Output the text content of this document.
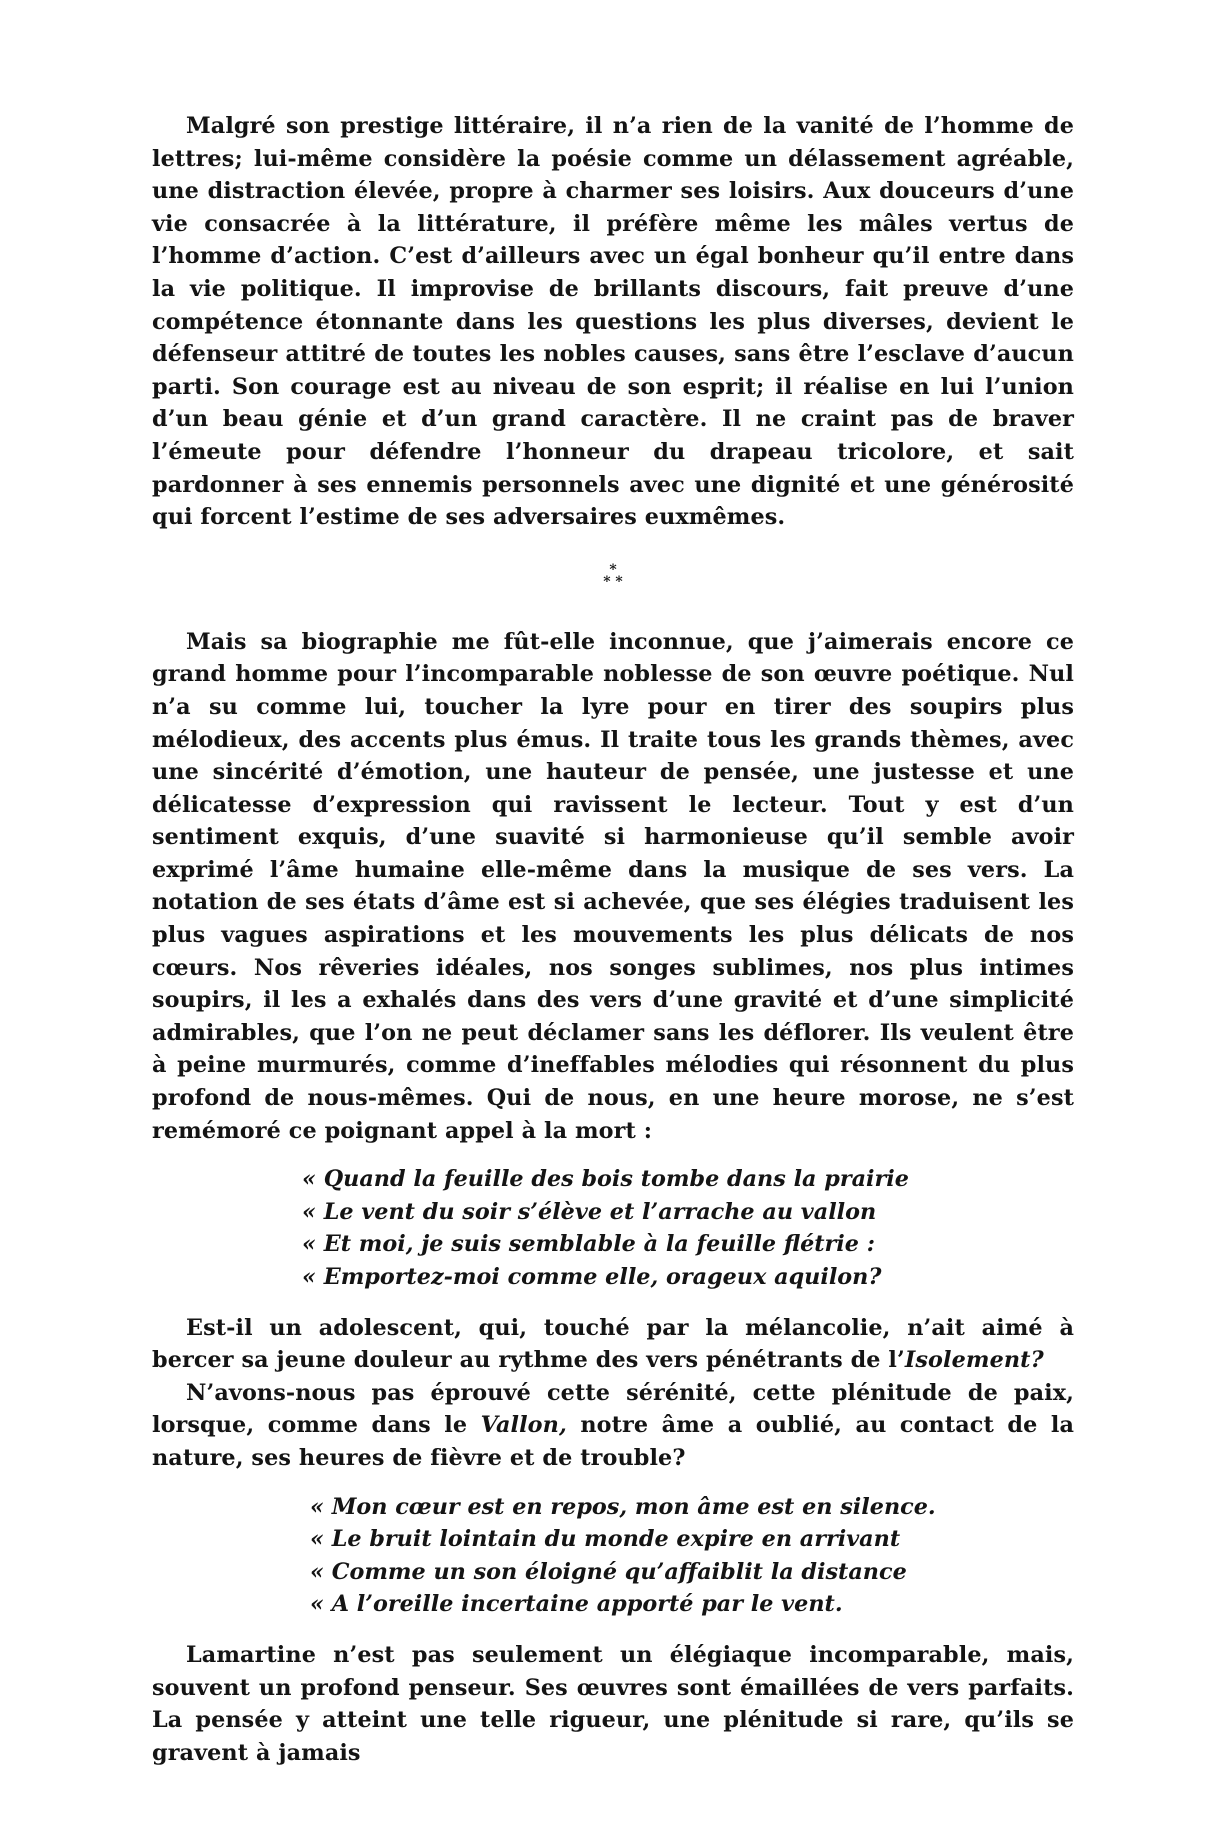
Malgré son prestige littéraire, il n’a rien de la vanité de l’homme de lettres; lui-même considère la poésie comme un délassement agréable, une distraction élevée, propre à charmer ses loisirs. Aux douceurs d’une vie consacrée à la littérature, il préfère même les mâles vertus de l’homme d’action. C’est d’ailleurs avec un égal bonheur qu’il entre dans la vie politique. Il improvise de brillants discours, fait preuve d’une compétence étonnante dans les questions les plus diverses, devient le défenseur attitré de toutes les nobles causes, sans être l’esclave d’aucun parti. Son courage est au niveau de son esprit; il réalise en lui l’union d’un beau génie et d’un grand caractère. Il ne craint pas de braver l’émeute pour défendre l’honneur du drapeau tricolore, et sait pardonner à ses ennemis personnels avec une dignité et une générosité qui forcent l’estime de ses adversaires euxmêmes.

*
* *

Mais sa biographie me fût-elle inconnue, que j’aimerais encore ce grand homme pour l’incomparable noblesse de son œuvre poétique. Nul n’a su comme lui, toucher la lyre pour en tirer des soupirs plus mélodieux, des accents plus émus. Il traite tous les grands thèmes, avec une sincérité d’émotion, une hauteur de pensée, une justesse et une délicatesse d’expression qui ravissent le lecteur. Tout y est d’un sentiment exquis, d’une suavité si harmonieuse qu’il semble avoir exprimé l’âme humaine elle-même dans la musique de ses vers. La notation de ses états d’âme est si achevée, que ses élégies traduisent les plus vagues aspirations et les mouvements les plus délicats de nos cœurs. Nos rêveries idéales, nos songes sublimes, nos plus intimes soupirs, il les a exhalés dans des vers d’une gravité et d’une simplicité admirables, que l’on ne peut déclamer sans les déflorer. Ils veulent être à peine murmurés, comme d’ineffables mélodies qui résonnent du plus profond de nous-mêmes. Qui de nous, en une heure morose, ne s’est remémoré ce poignant appel à la mort :

« Quand la feuille des bois tombe dans la prairie
« Le vent du soir s’élève et l’arrache au vallon
« Et moi, je suis semblable à la feuille flétrie :
« Emportez-moi comme elle, orageux aquilon?

Est-il un adolescent, qui, touché par la mélancolie, n’ait aimé à bercer sa jeune douleur au rythme des vers pénétrants de l’Isolement?

N’avons-nous pas éprouvé cette sérénité, cette plénitude de paix, lorsque, comme dans le Vallon, notre âme a oublié, au contact de la nature, ses heures de fièvre et de trouble?

« Mon cœur est en repos, mon âme est en silence.
« Le bruit lointain du monde expire en arrivant
« Comme un son éloigné qu’affaiblit la distance
« A l’oreille incertaine apporté par le vent.

Lamartine n’est pas seulement un élégiaque incomparable, mais, souvent un profond penseur. Ses œuvres sont émaillées de vers parfaits. La pensée y atteint une telle rigueur, une plénitude si rare, qu’ils se gravent à jamais
